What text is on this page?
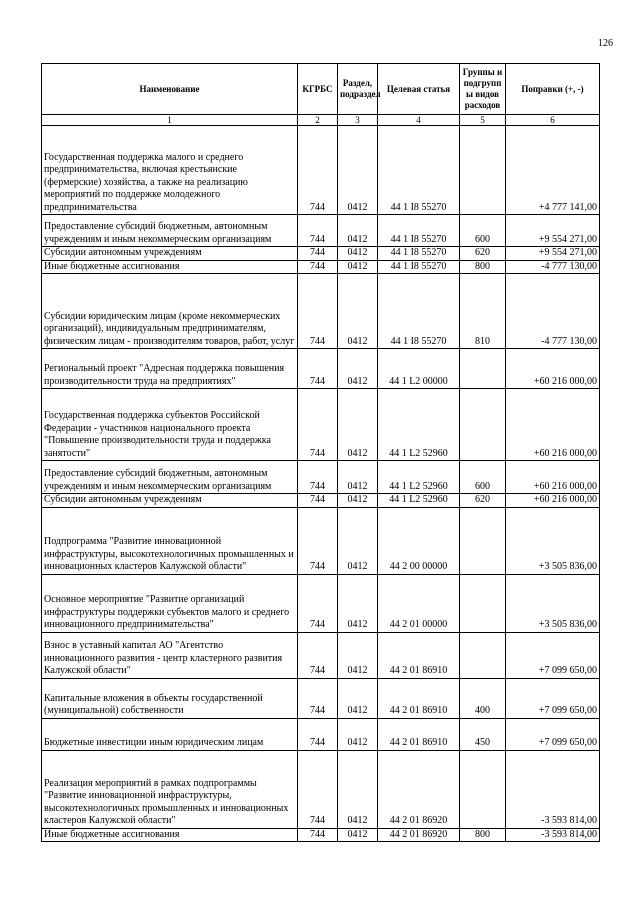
126
Наименование	КГРБС	Раздел, подраздел	Целевая статья	Группы и подгрупп ы видов расходов	Поправки (+, -)
1	2	3	4	5	6
Государственная поддержка малого и среднего предпринимательства, включая крестьянские (фермерские) хозяйства, а также на реализацию мероприятий по поддержке молодежного предпринимательства	744	0412	44 1 I8 55270		+4 777 141,00
Предоставление субсидий бюджетным, автономным учреждениям и иным некоммерческим организациям	744	0412	44 1 I8 55270	600	+9 554 271,00
Субсидии автономным учреждениям	744	0412	44 1 I8 55270	620	+9 554 271,00
Иные бюджетные ассигнования	744	0412	44 1 I8 55270	800	-4 777 130,00
Субсидии юридическим лицам (кроме некоммерческих организаций), индивидуальным предпринимателям, физическим лицам - производителям товаров, работ, услуг	744	0412	44 1 I8 55270	810	-4 777 130,00
Региональный проект "Адресная поддержка повышения производительности труда на предприятиях"	744	0412	44 1 L2 00000		+60 216 000,00
Государственная поддержка субъектов Российской Федерации - участников национального проекта "Повышение производительности труда и поддержка занятости"	744	0412	44 1 L2 52960		+60 216 000,00
Предоставление субсидий бюджетным, автономным учреждениям и иным некоммерческим организациям	744	0412	44 1 L2 52960	600	+60 216 000,00
Субсидии автономным учреждениям	744	0412	44 1 L2 52960	620	+60 216 000,00
Подпрограмма "Развитие инновационной инфраструктуры, высокотехнологичных промышленных и инновационных кластеров Калужской области"	744	0412	44 2 00 00000		+3 505 836,00
Основное мероприятие "Развитие организаций инфраструктуры поддержки субъектов малого и среднего инновационного предпринимательства"	744	0412	44 2 01 00000		+3 505 836,00
Взнос в уставный капитал АО "Агентство инновационного развития - центр кластерного развития Калужской области"	744	0412	44 2 01 86910		+7 099 650,00
Капитальные вложения в объекты государственной (муниципальной) собственности	744	0412	44 2 01 86910	400	+7 099 650,00
Бюджетные инвестиции иным юридическим лицам	744	0412	44 2 01 86910	450	+7 099 650,00
Реализация мероприятий в рамках подпрограммы "Развитие инновационной инфраструктуры, высокотехнологичных промышленных и инновационных кластеров Калужской области"	744	0412	44 2 01 86920		-3 593 814,00
Иные бюджетные ассигнования	744	0412	44 2 01 86920	800	-3 593 814,00
